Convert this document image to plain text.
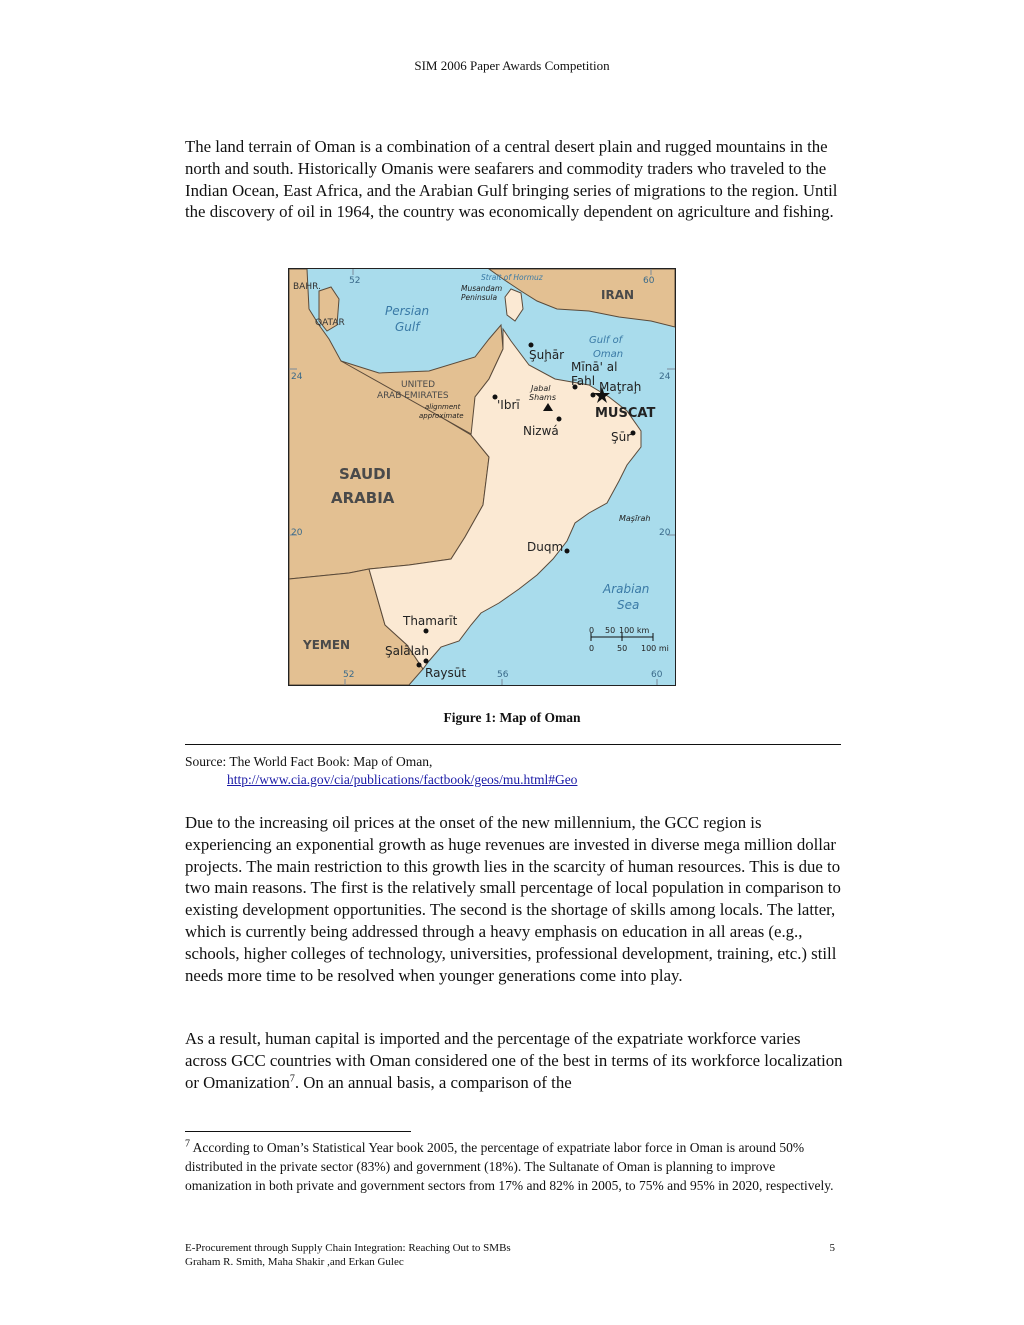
SIM 2006 Paper Awards Competition

The land terrain of Oman is a combination of a central desert plain and rugged mountains in the north and south. Historically Omanis were seafarers and commodity traders who traveled to the Indian Ocean, East Africa, and the Arabian Gulf bringing series of migrations to the region. Until the discovery of oil in 1964, the country was economically dependent on agriculture and fishing.

BAHR.
QATAR
52	60
24	24
20	20
52	56	60
Persian
Gulf
Gulf of
Oman
Arabian
Sea
Strait of Hormuz
Musandam
Peninsula	IRAN
UNITED
ARAB EMIRATES
alignment
approximate
SAUDI
ARABIA
YEMEN
Şuḩār
Mīnā' al
Fahl Maţraḩ
MUSCAT
'Ibrī
Jabal
Shams
Nizwá	Şūr
Maşīrah
Duqm
Thamarīt
Şalālah
Raysūt
0 50 100 km
0	50 100 mi
Figure 1: Map of Oman
Source: The World Fact Book: Map of Oman,
http://www.cia.gov/cia/publications/factbook/geos/mu.html#Geo

Due to the increasing oil prices at the onset of the new millennium, the GCC region is experiencing an exponential growth as huge revenues are invested in diverse mega million dollar projects. The main restriction to this growth lies in the scarcity of human resources. This is due to two main reasons. The first is the relatively small percentage of local population in comparison to existing development opportunities. The second is the shortage of skills among locals. The latter, which is currently being addressed through a heavy emphasis on education in all areas (e.g., schools, higher colleges of technology, universities, professional development, training, etc.) still needs more time to be resolved when younger generations come into play.

As a result, human capital is imported and the percentage of the expatriate workforce varies across GCC countries with Oman considered one of the best in terms of its workforce localization or Omanization$^7$. On an annual basis, a comparison of the

$^7$ According to Oman’s Statistical Year book 2005, the percentage of expatriate labor force in Oman is around 50% distributed in the private sector (83%) and government (18%). The Sultanate of Oman is planning to improve omanization in both private and government sectors from 17% and 82% in 2005, to 75% and 95% in 2020, respectively.

E-Procurement through Supply Chain Integration: Reaching Out to SMBs
Graham R. Smith, Maha Shakir ,and Erkan Gulec
5
